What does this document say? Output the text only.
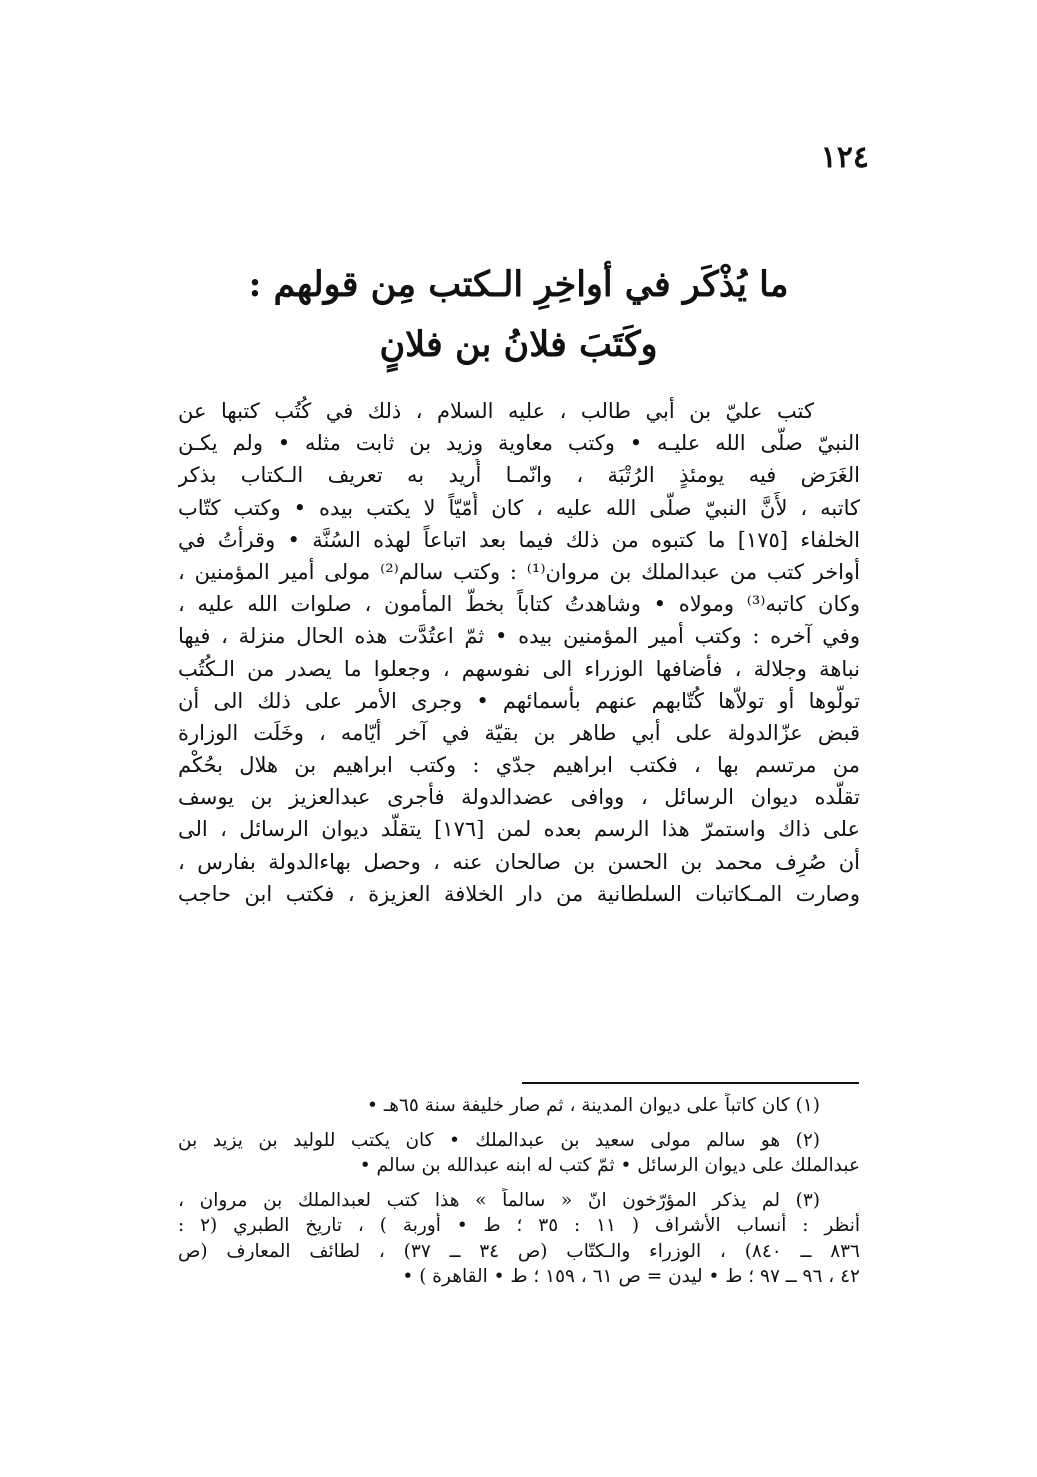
١٢٤
ما يُذْكَر في أواخِرِ الـكتب مِن قولهم :
وكَتَبَ فلانُ بن فلانٍ
كتب عليّ بن أبي طالب ، عليه السلام ، ذلك في كُتُب كتبها عن
النبيّ صلّى الله عليـه • وكتب معاوية وزيد بن ثابت مثله • ولم يكـن
الغَرَض فيه يومئذٍ الرُتْبَة ، وانّمـا أُريد به تعريف الـكتاب بذكر
كاتبه ، لأَنَّ النبيّ صلّى الله عليه ، كان أُمّيّاً لا يكتب بيده • وكتب كتّاب
الخلفاء [١٧٥] ما كتبوه من ذلك فيما بعد اتباعاً لهذه السُنَّة • وقرأتُ في
أواخر كتب من عبدالملك بن مروان⁽¹⁾ : وكتب سالم⁽²⁾ مولى أمير المؤمنين ،
وكان كاتبه⁽³⁾ ومولاه • وشاهدتُ كتاباً بخطّ المأمون ، صلوات الله عليه ،
وفي آخره : وكتب أمير المؤمنين بيده • ثمّ اعتُدَّت هذه الحال منزلة ، فيها
نباهة وجلالة ، فأضافها الوزراء الى نفوسهم ، وجعلوا ما يصدر من الـكُتُب
تولّوها أو تولاّها كُتّابهم عنهم بأسمائهم • وجرى الأمر على ذلك الى أن
قبض عزّالدولة على أبي طاهر بن بقيّة في آخر أيّامه ، وخَلَت الوزارة
من مرتسم بها ، فكتب ابراهيم جدّي : وكتب ابراهيم بن هلال بحُكْم
تقلّده ديوان الرسائل ، ووافى عضدالدولة فأجرى عبدالعزيز بن يوسف
على ذاك واستمرّ هذا الرسم بعده لمن [١٧٦] يتقلّد ديوان الرسائل ، الى
أن صُرِف محمد بن الحسن بن صالحان عنه ، وحصل بهاءالدولة بفارس ،
وصارت المـكاتبات السلطانية من دار الخلافة العزيزة ، فكتب ابن حاجب
(١) كان كاتباً على ديوان المدينة ، ثم صار خليفة سنة ٦٥هـ •
(٢) هو سالم مولى سعيد بن عبدالملك • كان يكتب للوليد بن يزيد بن
عبدالملك على ديوان الرسائل • ثمّ كتب له ابنه عبدالله بن سالم •
(٣) لم يذكر المؤرّخون انّ « سالماً » هذا كتب لعبدالملك بن مروان ،
أنظر : أنساب الأشراف ( ١١ : ٣٥ ؛ ط • أوربة ) ، تاريخ الطبري (٢ :
٨٣٦ ــ ٨٤٠) ، الوزراء والـكتّاب (ص ٣٤ ــ ٣٧) ، لطائف المعارف (ص
٤٢ ، ٩٦ ــ ٩٧ ؛ ط • ليدن = ص ٦١ ، ١٥٩ ؛ ط • القاهرة ) •
